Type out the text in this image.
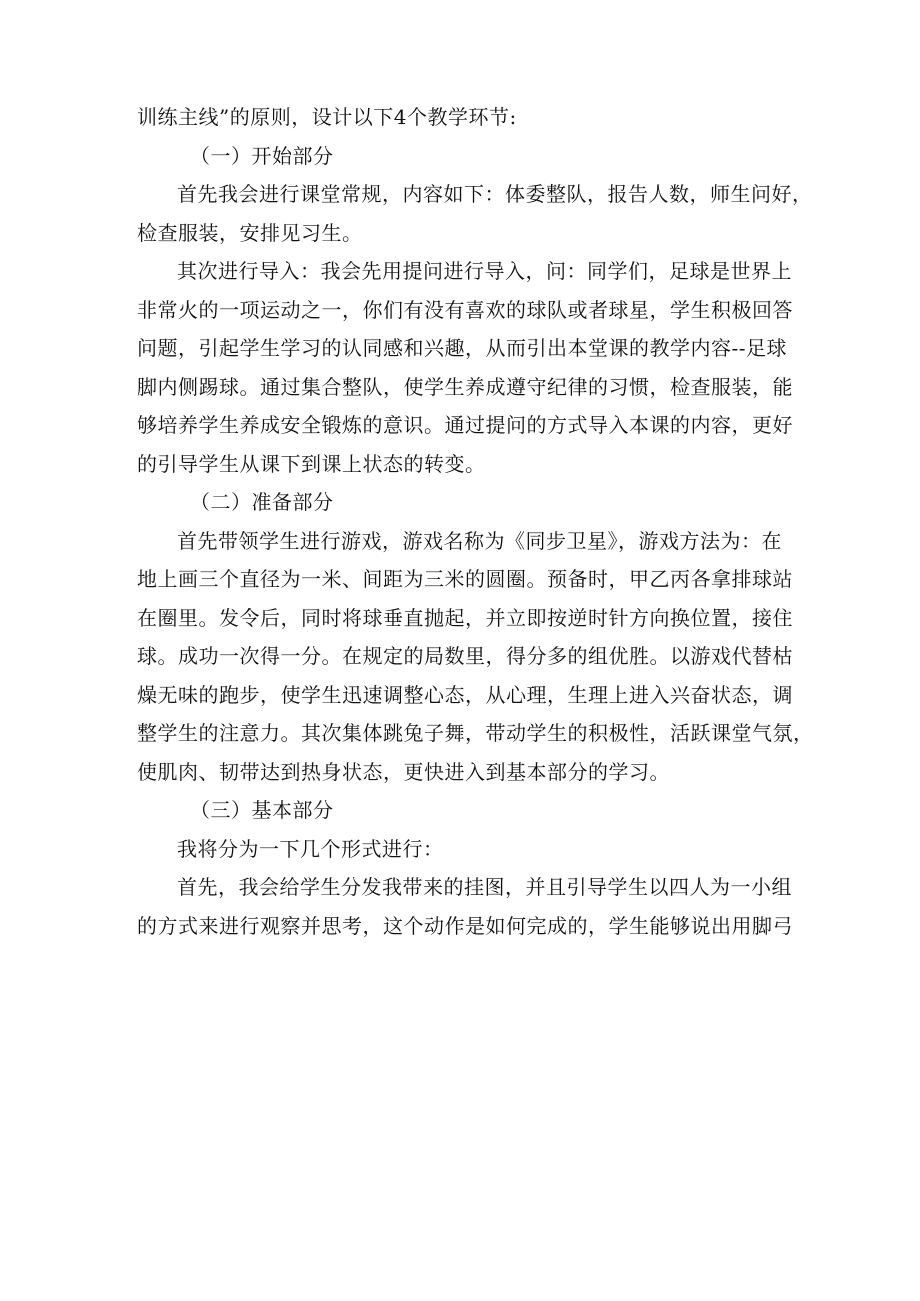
训练主线”的原则，设计以下4个教学环节:
（一）开始部分
首先我会进行课堂常规，内容如下：体委整队，报告人数，师生问好，
检查服装，安排见习生。
其次进行导入：我会先用提问进行导入，问：同学们，足球是世界上
非常火的一项运动之一，你们有没有喜欢的球队或者球星，学生积极回答
问题，引起学生学习的认同感和兴趣，从而引出本堂课的教学内容--足球
脚内侧踢球。通过集合整队，使学生养成遵守纪律的习惯，检查服装，能
够培养学生养成安全锻炼的意识。通过提问的方式导入本课的内容，更好
的引导学生从课下到课上状态的转变。
（二）准备部分
首先带领学生进行游戏，游戏名称为《同步卫星》，游戏方法为：在
地上画三个直径为一米、间距为三米的圆圈。预备时，甲乙丙各拿排球站
在圈里。发令后，同时将球垂直抛起，并立即按逆时针方向换位置，接住
球。成功一次得一分。在规定的局数里，得分多的组优胜。以游戏代替枯
燥无味的跑步，使学生迅速调整心态，从心理，生理上进入兴奋状态，调
整学生的注意力。其次集体跳兔子舞，带动学生的积极性，活跃课堂气氛，
使肌肉、韧带达到热身状态，更快进入到基本部分的学习。
（三）基本部分
我将分为一下几个形式进行：
首先，我会给学生分发我带来的挂图，并且引导学生以四人为一小组
的方式来进行观察并思考，这个动作是如何完成的，学生能够说出用脚弓
